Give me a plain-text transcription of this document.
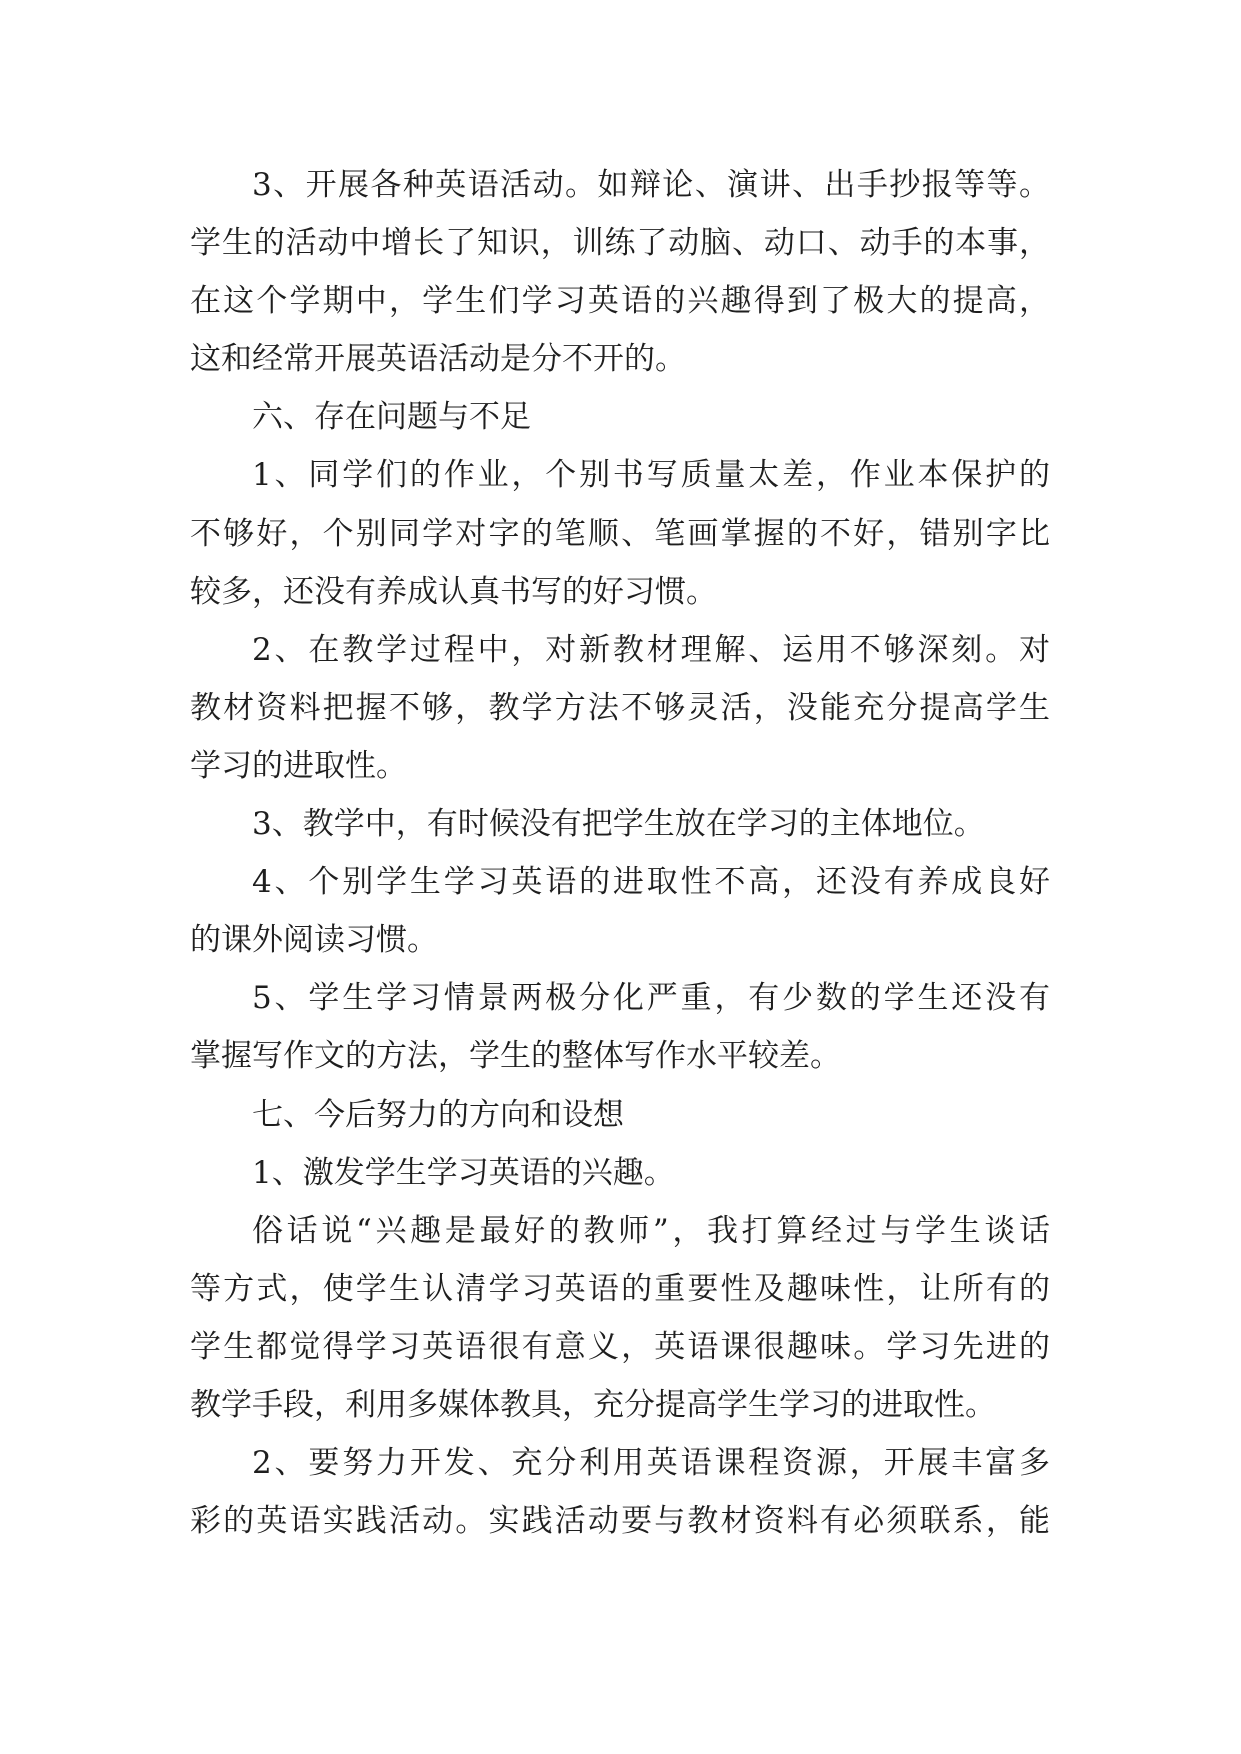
3、开展各种英语活动。如辩论、演讲、出手抄报等等。
学生的活动中增长了知识，训练了动脑、动口、动手的本事，
在这个学期中，学生们学习英语的兴趣得到了极大的提高，
这和经常开展英语活动是分不开的。
六、存在问题与不足
1、同学们的作业，个别书写质量太差，作业本保护的
不够好，个别同学对字的笔顺、笔画掌握的不好，错别字比
较多，还没有养成认真书写的好习惯。
2、在教学过程中，对新教材理解、运用不够深刻。对
教材资料把握不够，教学方法不够灵活，没能充分提高学生
学习的进取性。
3、教学中，有时候没有把学生放在学习的主体地位。
4、个别学生学习英语的进取性不高，还没有养成良好
的课外阅读习惯。
5、学生学习情景两极分化严重，有少数的学生还没有
掌握写作文的方法，学生的整体写作水平较差。
七、今后努力的方向和设想
1、激发学生学习英语的兴趣。
俗话说“兴趣是最好的教师”，我打算经过与学生谈话
等方式，使学生认清学习英语的重要性及趣味性，让所有的
学生都觉得学习英语很有意义，英语课很趣味。学习先进的
教学手段，利用多媒体教具，充分提高学生学习的进取性。
2、要努力开发、充分利用英语课程资源，开展丰富多
彩的英语实践活动。实践活动要与教材资料有必须联系，能
